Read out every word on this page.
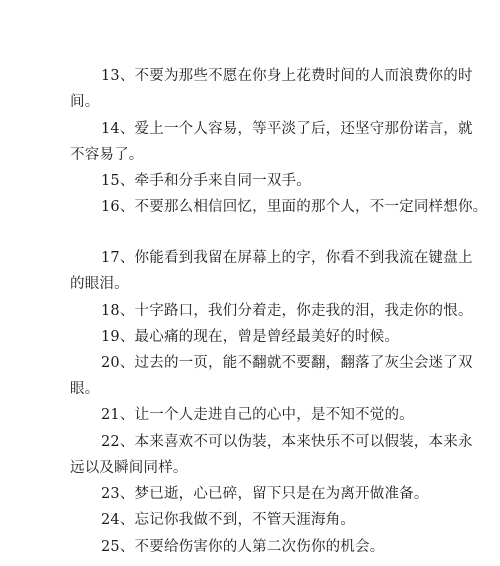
13、不要为那些不愿在你身上花费时间的人而浪费你的时
间。
14、爱上一个人容易，等平淡了后，还坚守那份诺言，就
不容易了。
15、牵手和分手来自同一双手。
16、不要那么相信回忆，里面的那个人，不一定同样想你。
17、你能看到我留在屏幕上的字，你看不到我流在键盘上
的眼泪。
18、十字路口，我们分着走，你走我的泪，我走你的恨。
19、最心痛的现在，曾是曾经最美好的时候。
20、过去的一页，能不翻就不要翻，翻落了灰尘会迷了双
眼。
21、让一个人走进自己的心中，是不知不觉的。
22、本来喜欢不可以伪装，本来快乐不可以假装，本来永
远以及瞬间同样。
23、梦已逝，心已碎，留下只是在为离开做准备。
24、忘记你我做不到，不管天涯海角。
25、不要给伤害你的人第二次伤你的机会。
